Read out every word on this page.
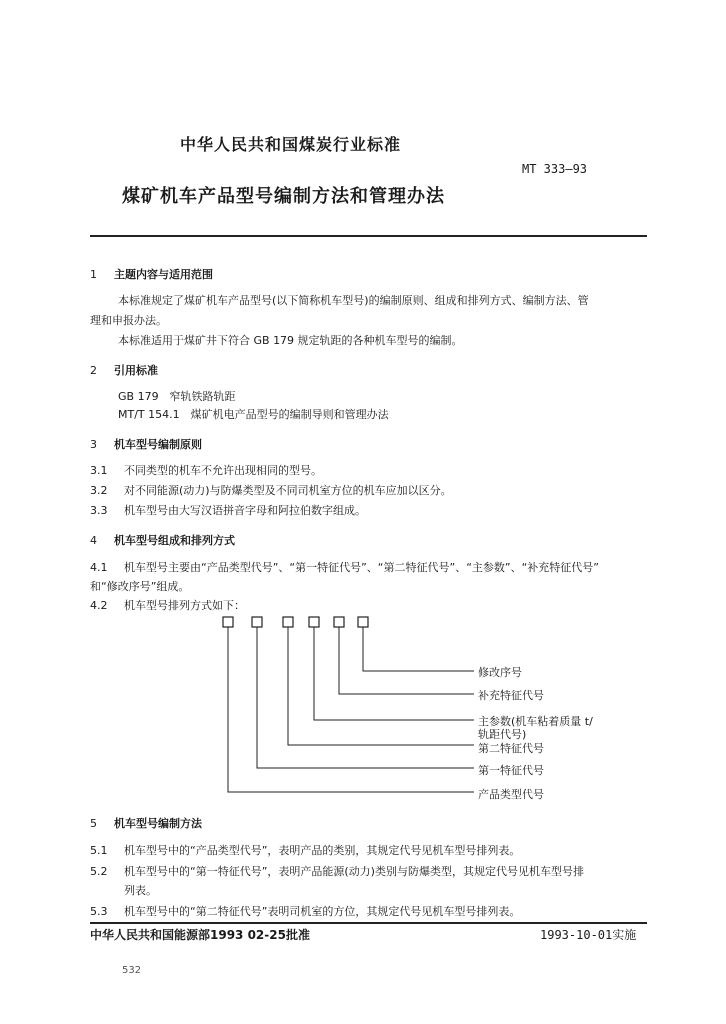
中华人民共和国煤炭行业标准
MT 333—93
煤矿机车产品型号编制方法和管理办法
1 主题内容与适用范围
本标准规定了煤矿机车产品型号(以下简称机车型号)的编制原则、组成和排列方式、编制方法、管
理和申报办法。
本标准适用于煤矿井下符合 GB 179 规定轨距的各种机车型号的编制。
2 引用标准
GB 179　窄轨铁路轨距
MT/T 154.1　煤矿机电产品型号的编制导则和管理办法
3 机车型号编制原则
3.1 不同类型的机车不允许出现相同的型号。
3.2 对不同能源(动力)与防爆类型及不同司机室方位的机车应加以区分。
3.3 机车型号由大写汉语拼音字母和阿拉伯数字组成。
4 机车型号组成和排列方式
4.1 机车型号主要由“产品类型代号”、“第一特征代号”、“第二特征代号”、“主参数”、“补充特征代号”
和“修改序号”组成。
4.2 机车型号排列方式如下：
修改序号
补充特征代号
主参数(机车粘着质量 t/
轨距代号)
第二特征代号
第一特征代号
产品类型代号
5 机车型号编制方法
5.1 机车型号中的“产品类型代号”，表明产品的类别，其规定代号见机车型号排列表。
5.2 机车型号中的“第一特征代号”，表明产品能源(动力)类别与防爆类型，其规定代号见机车型号排
列表。
5.3 机车型号中的“第二特征代号”表明司机室的方位，其规定代号见机车型号排列表。
中华人民共和国能源部1993 02-25批准	1993-10-01实施
532
